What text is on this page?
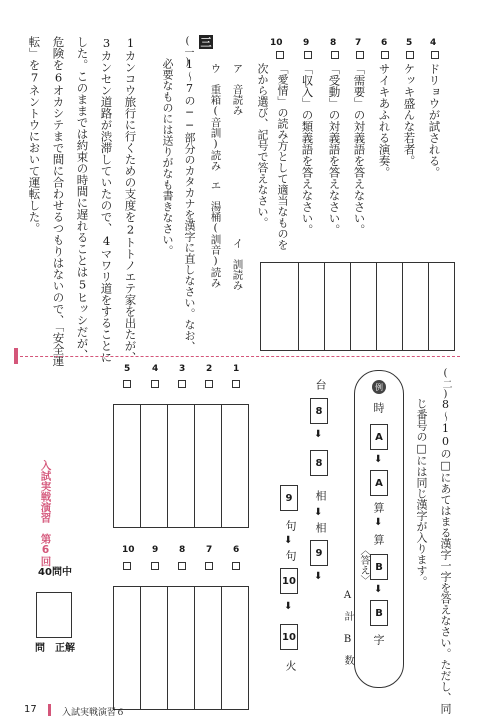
三	4
ドリョウが試される。
5
ケッキ盛んな若者。
6
サイキあふれる演奏。
7
「需要」の対義語を答えなさい。
8
「受動」の対義語を答えなさい。
9
「収入」の類義語を答えなさい。
10
「愛情」の読み方として適当なものを次から選び、記号で答えなさい。
ア　音読み
イ　訓読み
ウ　重箱(音訓)読み
エ　湯桶(訓音)読み
(一)
1〜7の──部分のカタカナを漢字に直しなさい。なお、必要なものには送りがなも書きなさい。
1カンコウ旅行に行くための支度を2トトノエテ家を出たが、
3カンセン道路が渋滞していたので、4マワリ道をすることに
した。このままでは約束の時間に遅れることは5ヒッシだが、
危険を6オカシテまで間に合わせるつもりはないので、「安全運
転」を7ネントウにおいて運転した。
(二)
8〜10の□にあてはまる漢字一字を答えなさい。ただし、同
じ番号の□には同じ漢字が入ります。
例
時
A
⬇
A
算
⬇
算
B
⬇
B
字
〈答え〉
A　計
B　数
台
8
⬇
8
相
⬇
相
9
⬇
9
句
⬇
句
10
⬇
10
火
5 4 3 2 1
10 9 8 7 6
入試実戦演習　第6回
40問中
問　正解
17	入試実戦演習６
